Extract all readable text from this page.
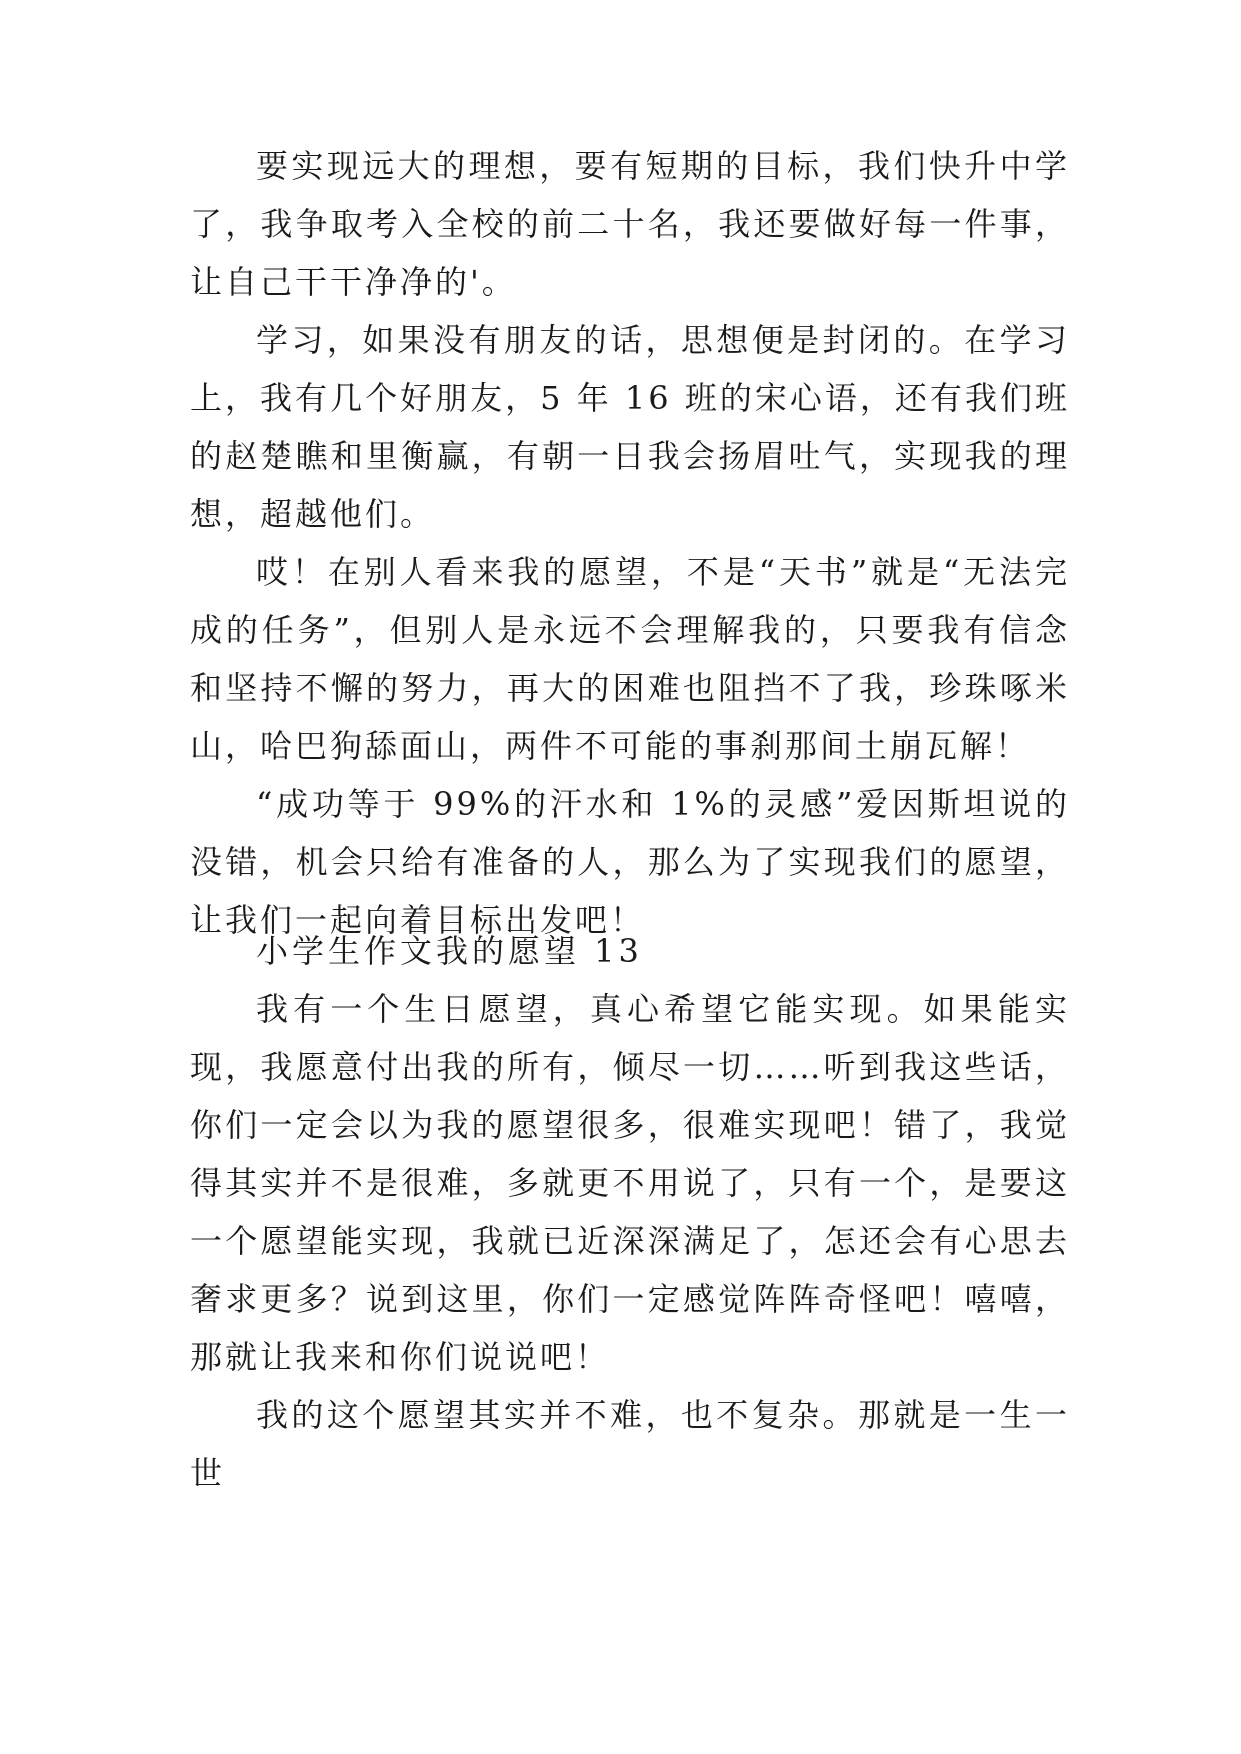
要实现远大的理想，要有短期的目标，我们快升中学了，我争取考入全校的前二十名，我还要做好每一件事，让自己干干净净的'。

学习，如果没有朋友的话，思想便是封闭的。在学习上，我有几个好朋友，5 年 16 班的宋心语，还有我们班的赵楚瞧和里衡赢，有朝一日我会扬眉吐气，实现我的理想，超越他们。

哎！在别人看来我的愿望，不是“天书”就是“无法完成的任务”，但别人是永远不会理解我的，只要我有信念和坚持不懈的努力，再大的困难也阻挡不了我，珍珠啄米山，哈巴狗舔面山，两件不可能的事刹那间土崩瓦解！

“成功等于 99%的汗水和 1%的灵感”爱因斯坦说的没错，机会只给有准备的人，那么为了实现我们的愿望，让我们一起向着目标出发吧！

小学生作文我的愿望 13

我有一个生日愿望，真心希望它能实现。如果能实现，我愿意付出我的所有，倾尽一切……听到我这些话，你们一定会以为我的愿望很多，很难实现吧！错了，我觉得其实并不是很难，多就更不用说了，只有一个，是要这一个愿望能实现，我就已近深深满足了，怎还会有心思去奢求更多？说到这里，你们一定感觉阵阵奇怪吧！嘻嘻，那就让我来和你们说说吧！

我的这个愿望其实并不难，也不复杂。那就是一生一世
